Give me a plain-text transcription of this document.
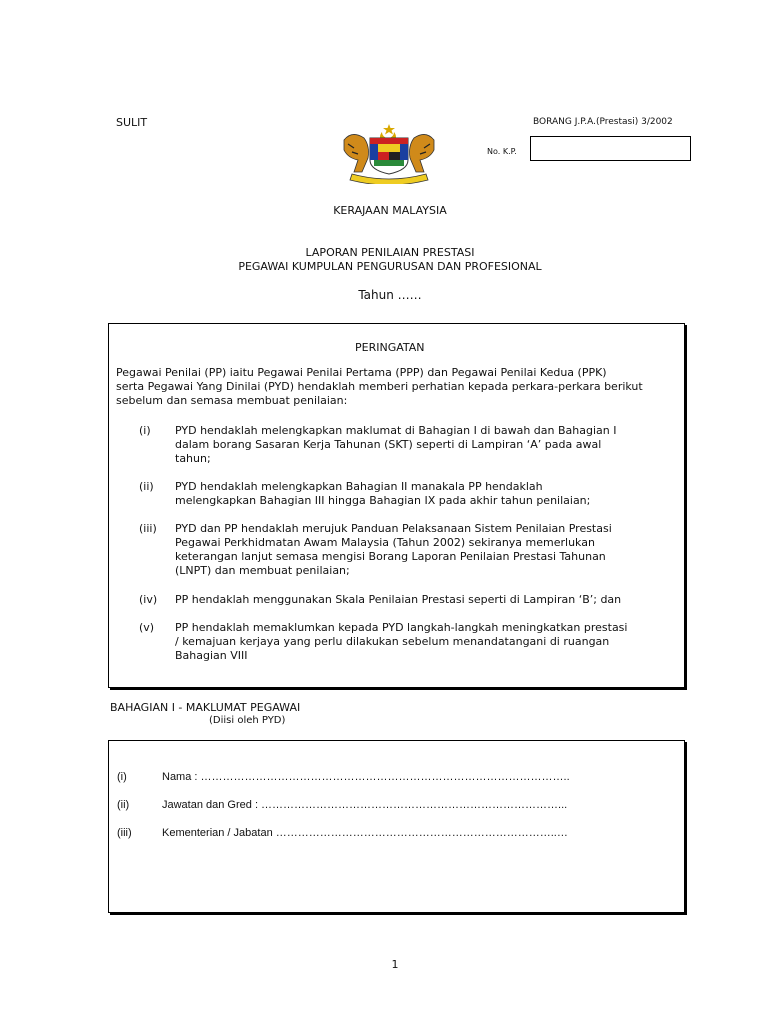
SULIT	BORANG J.P.A.(Prestasi) 3/2002
No. K.P.
KERAJAAN MALAYSIA
LAPORAN PENILAIAN PRESTASI
PEGAWAI KUMPULAN PENGURUSAN DAN PROFESIONAL
Tahun ……
PERINGATAN
Pegawai Penilai (PP) iaitu Pegawai Penilai Pertama (PPP) dan Pegawai Penilai Kedua (PPK)
serta Pegawai Yang Dinilai (PYD) hendaklah memberi perhatian kepada perkara-perkara berikut
sebelum dan semasa membuat penilaian:
(i) PYD hendaklah melengkapkan maklumat di Bahagian I di bawah dan Bahagian I
dalam borang Sasaran Kerja Tahunan (SKT) seperti di Lampiran ‘A’ pada awal
tahun;
(ii) PYD hendaklah melengkapkan Bahagian II manakala PP hendaklah
melengkapkan Bahagian III hingga Bahagian IX pada akhir tahun penilaian;
(iii) PYD dan PP hendaklah merujuk Panduan Pelaksanaan Sistem Penilaian Prestasi
Pegawai Perkhidmatan Awam Malaysia (Tahun 2002) sekiranya memerlukan
keterangan lanjut semasa mengisi Borang Laporan Penilaian Prestasi Tahunan
(LNPT) dan membuat penilaian;
(iv) PP hendaklah menggunakan Skala Penilaian Prestasi seperti di Lampiran ‘B’; dan
(v) PP hendaklah memaklumkan kepada PYD langkah-langkah meningkatkan prestasi
/ kemajuan kerjaya yang perlu dilakukan sebelum menandatangani di ruangan
Bahagian VIII
BAHAGIAN I - MAKLUMAT PEGAWAI
(Diisi oleh PYD)
(i)	Nama : ………………………………………………………………………………………..
(ii)	Jawatan dan Gred : ………………………………………………………………………...
(iii)	Kementerian / Jabatan …………………………………………………………………..…
1
